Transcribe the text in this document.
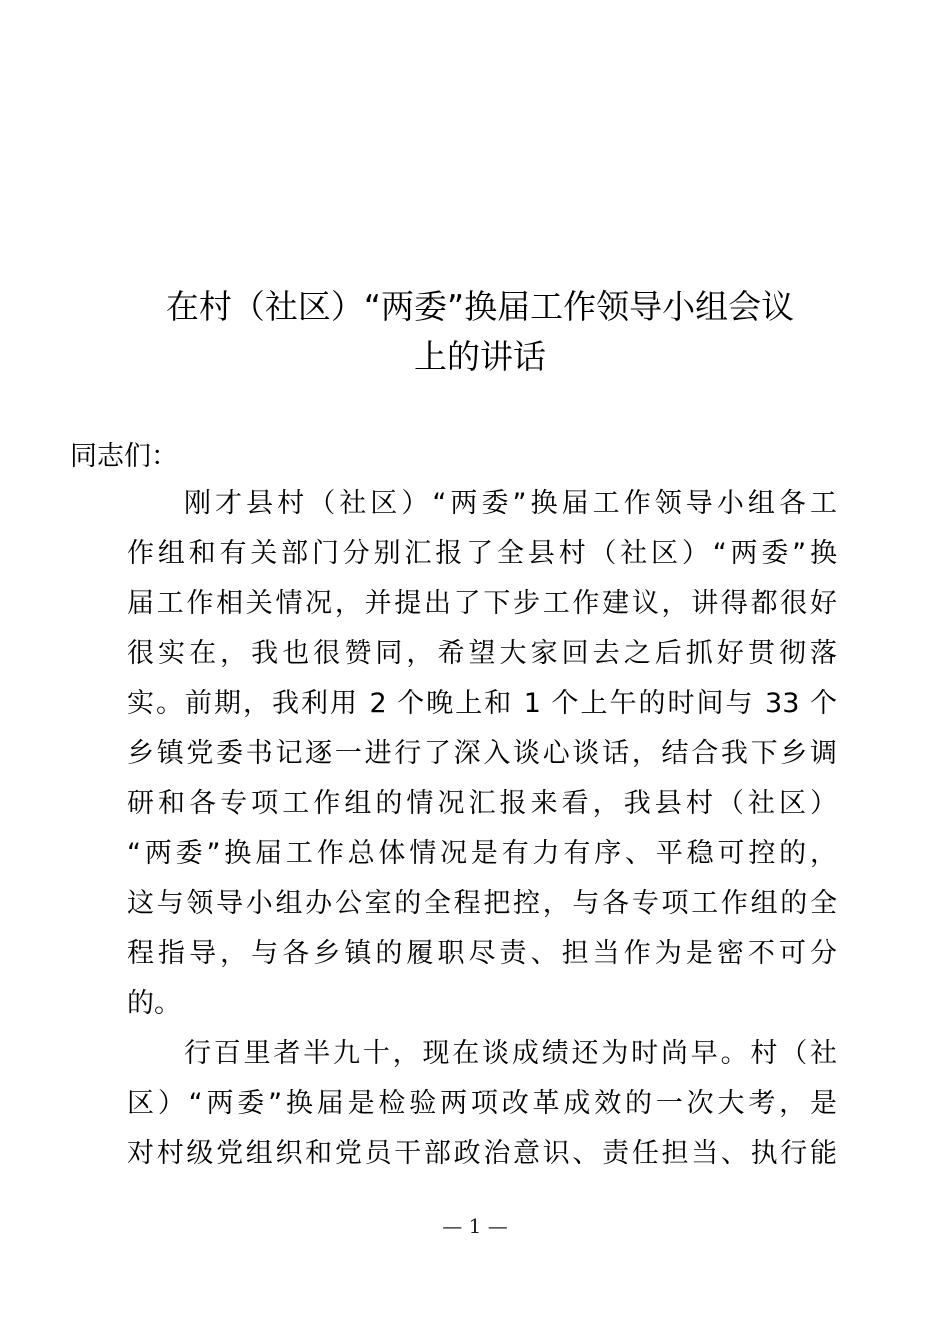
在村（社区）“两委”换届工作领导小组会议
上的讲话

同志们：

刚才县村（社区）“两委”换届工作领导小组各工
作组和有关部门分别汇报了全县村（社区）“两委”换
届工作相关情况，并提出了下步工作建议，讲得都很好
很实在，我也很赞同，希望大家回去之后抓好贯彻落
实。前期，我利用 2 个晚上和 1 个上午的时间与 33 个
乡镇党委书记逐一进行了深入谈心谈话，结合我下乡调
研和各专项工作组的情况汇报来看，我县村（社区）
“两委”换届工作总体情况是有力有序、平稳可控的，
这与领导小组办公室的全程把控，与各专项工作组的全
程指导，与各乡镇的履职尽责、担当作为是密不可分
的。

行百里者半九十，现在谈成绩还为时尚早。村（社
区）“两委”换届是检验两项改革成效的一次大考，是
对村级党组织和党员干部政治意识、责任担当、执行能

— 1 —
